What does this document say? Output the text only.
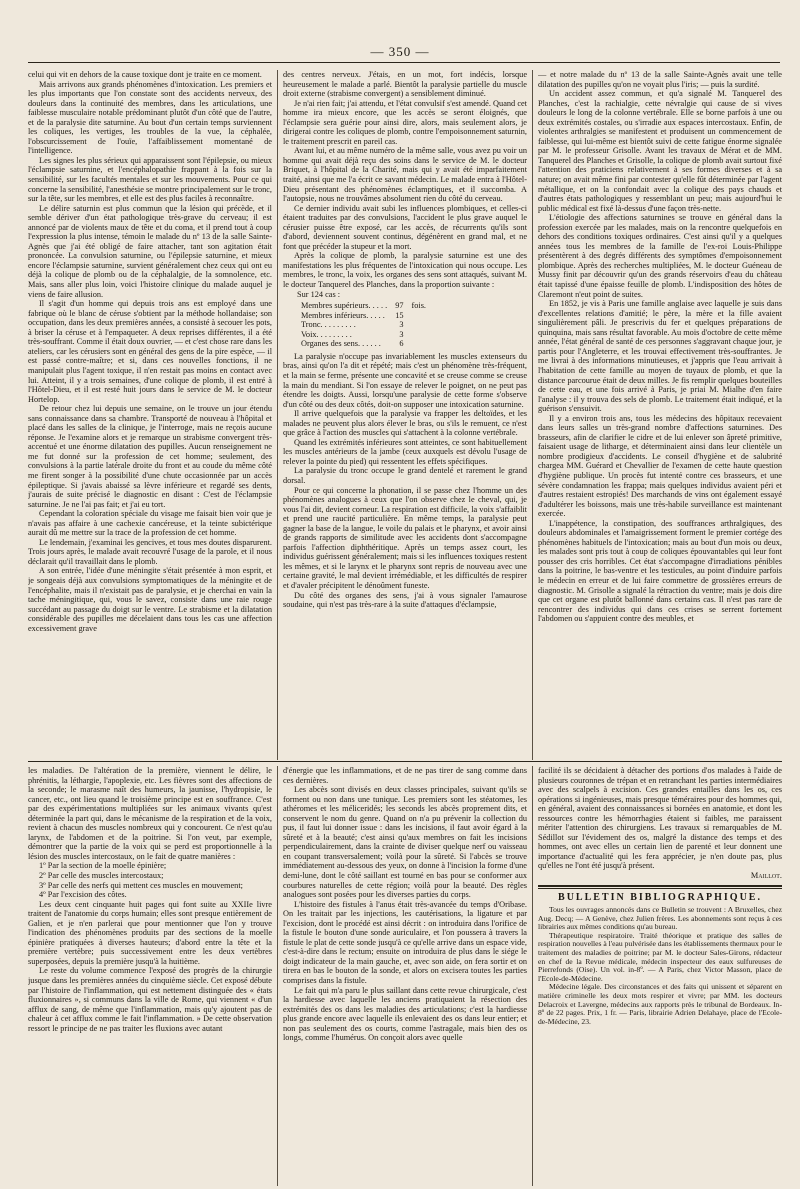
— 350 —

celui qui vit en dehors de la cause toxique dont je traite en ce moment.

Mais arrivons aux grands phénomènes d'intoxication. Les premiers et les plus importants que l'on constate sont des accidents nerveux, des douleurs dans la continuité des membres, dans les articulations, une faiblesse musculaire notable prédominant plutôt d'un côté que de l'autre, et de la paralysie dite saturnine. Au bout d'un certain temps surviennent les coliques, les vertiges, les troubles de la vue, la céphalée, l'obscurcissement de l'ouïe, l'affaiblissement momentané de l'intelligence.

Les signes les plus sérieux qui apparaissent sont l'épilepsie, ou mieux l'éclampsie saturnine, et l'encéphalopathie frappant à la fois sur la sensibilité, sur les facultés mentales et sur les mouvements. Pour ce qui concerne la sensibilité, l'anesthésie se montre principalement sur le tronc, sur la tête, sur les membres, et elle est des plus faciles à reconnaître.

Le délire saturnin est plus commun que la lésion qui précède, et il semble dériver d'un état pathologique très-grave du cerveau; il est annoncé par de violents maux de tête et du coma, et il prend tout à coup l'expression la plus intense, témoin le malade du nº 13 de la salle Sainte-Agnès que j'ai été obligé de faire attacher, tant son agitation était prononcée. La convulsion saturnine, ou l'épilepsie saturnine, et mieux encore l'éclampsie saturnine, survient généralement chez ceux qui ont eu déjà la colique de plomb ou de la céphalalgie, de la somnolence, etc. Mais, sans aller plus loin, voici l'histoire clinique du malade auquel je viens de faire allusion.

Il s'agit d'un homme qui depuis trois ans est employé dans une fabrique où le blanc de céruse s'obtient par la méthode hollandaise; son occupation, dans les deux premières années, a consisté à secouer les pots, à briser la céruse et à l'empaqueter. A deux reprises différentes, il a été très-souffrant. Comme il était doux ouvrier, — et c'est chose rare dans les ateliers, car les cérusiers sont en général des gens de la pire espèce, — il est passé contre-maître; et si, dans ces nouvelles fonctions, il ne manipulait plus l'agent toxique, il n'en restait pas moins en contact avec lui. Atteint, il y a trois semaines, d'une colique de plomb, il est entré à l'Hôtel-Dieu, et il est resté huit jours dans le service de M. le docteur Hortelop.

De retour chez lui depuis une semaine, on le trouve un jour étendu sans connaissance dans sa chambre. Transporté de nouveau à l'hôpital et placé dans les salles de la clinique, je l'interroge, mais ne reçois aucune réponse. Je l'examine alors et je remarque un strabisme convergent très-accentué et une énorme dilatation des pupilles. Aucun renseignement ne me fut donné sur la profession de cet homme; seulement, des convulsions à la partie latérale droite du front et au coude du même côté me firent songer à la possibilité d'une chute occasionnée par un accès épileptique. Si j'avais abaissé sa lèvre inférieure et regardé ses dents, j'aurais de suite précisé le diagnostic en disant : C'est de l'éclampsie saturnine. Je ne l'ai pas fait; et j'ai eu tort.

Cependant la coloration spéciale du visage me faisait bien voir que je n'avais pas affaire à une cachexie cancéreuse, et la teinte subictérique aurait dû me mettre sur la trace de la profession de cet homme.

Le lendemain, j'examinai les gencives, et tous mes doutes disparurent. Trois jours après, le malade avait recouvré l'usage de la parole, et il nous déclarait qu'il travaillait dans le plomb.

A son entrée, l'idée d'une méningite s'était présentée à mon esprit, et je songeais déjà aux convulsions symptomatiques de la méningite et de l'encéphalite, mais il n'existait pas de paralysie, et je cherchai en vain la tache méningitique, qui, vous le savez, consiste dans une raie rouge succédant au passage du doigt sur le ventre. Le strabisme et la dilatation considérable des pupilles me décelaient dans tous les cas une affection excessivement grave

des centres nerveux. J'étais, en un mot, fort indécis, lorsque heureusement le malade a parlé. Bientôt la paralysie partielle du muscle droit externe (strabisme convergent) a sensiblement diminué.

Je n'ai rien fait; j'ai attendu, et l'état convulsif s'est amendé. Quand cet homme ira mieux encore, que les accès se seront éloignés, que l'éclampsie sera guérie pour ainsi dire, alors, mais seulement alors, je dirigerai contre les coliques de plomb, contre l'empoisonnement saturnin, le traitement prescrit en pareil cas.

Avant lui, et au même numéro de la même salle, vous avez pu voir un homme qui avait déjà reçu des soins dans le service de M. le docteur Briquet, à l'hôpital de la Charité, mais qui y avait été imparfaitement traité, ainsi que me l'a écrit ce savant médecin. Le malade entra à l'Hôtel-Dieu présentant des phénomènes éclamptiques, et il succomba. A l'autopsie, nous ne trouvâmes absolument rien du côté du cerveau.

Ce dernier individu avait subi les influences plombiques, et celles-ci étaient traduites par des convulsions, l'accident le plus grave auquel le cérusier puisse être exposé, car les accès, de récurrents qu'ils sont d'abord, deviennent souvent continus, dégénèrent en grand mal, et ne font que précéder la stupeur et la mort.

Après la colique de plomb, la paralysie saturnine est une des manifestations les plus fréquentes de l'intoxication qui nous occupe. Les membres, le tronc, la voix, les organes des sens sont attaqués, suivant M. le docteur Tanquerel des Planches, dans la proportion suivante :

Sur 124 cas :
Membres supérieurs. . . . .	97	fois.
Membres inférieurs. . . . .	15	
Tronc. . . . . . . . .	3	
Voix. . . . . . . . .	3	
Organes des sens. . . . . .	6	

La paralysie n'occupe pas invariablement les muscles extenseurs du bras, ainsi qu'on l'a dit et répété; mais c'est un phénomène très-fréquent, et la main se ferme, présente une concavité et se creuse comme se creuse la main du mendiant. Si l'on essaye de relever le poignet, on ne peut pas étendre les doigts. Aussi, lorsqu'une paralysie de cette forme s'observe d'un côté ou des deux côtés, doit-on supposer une intoxication saturnine.

Il arrive quelquefois que la paralysie va frapper les deltoïdes, et les malades ne peuvent plus alors élever le bras, ou s'ils le remuent, ce n'est que grâce à l'action des muscles qui s'attachent à la colonne vertébrale.

Quand les extrémités inférieures sont atteintes, ce sont habituellement les muscles antérieurs de la jambe (ceux auxquels est dévolu l'usage de relever la pointe du pied) qui ressentent les effets spécifiques.

La paralysie du tronc occupe le grand dentelé et rarement le grand dorsal.

Pour ce qui concerne la phonation, il se passe chez l'homme un des phénomènes analogues à ceux que l'on observe chez le cheval, qui, je vous l'ai dit, devient corneur. La respiration est difficile, la voix s'affaiblit et prend une raucité particulière. En même temps, la paralysie peut gagner la base de la langue, le voile du palais et le pharynx, et avoir ainsi de grands rapports de similitude avec les accidents dont s'accompagne parfois l'affection diphthéritique. Après un temps assez court, les individus guérissent généralement; mais si les influences toxiques restent les mêmes, et si le larynx et le pharynx sont repris de nouveau avec une certaine gravité, le mal devient irrémédiable, et les difficultés de respirer et d'avaler précipitent le dénoûment funeste.

Du côté des organes des sens, j'ai à vous signaler l'amaurose soudaine, qui n'est pas très-rare à la suite d'attaques d'éclampsie,

— et notre malade du nº 13 de la salle Sainte-Agnès avait une telle dilatation des pupilles qu'on ne voyait plus l'iris; — puis la surdité.

Un accident assez commun, et qu'a signalé M. Tanquerel des Planches, c'est la rachialgie, cette névralgie qui cause de si vives douleurs le long de la colonne vertébrale. Elle se borne parfois à une ou deux extrémités costales, ou s'irradie aux espaces intercostaux. Enfin, de violentes arthralgies se manifestent et produisent un commencement de faiblesse, qui lui-même est bientôt suivi de cette fatigue énorme signalée par M. le professeur Grisolle. Avant les travaux de Mérat et de MM. Tanquerel des Planches et Grisolle, la colique de plomb avait surtout fixé l'attention des praticiens relativement à ses formes diverses et à sa nature; on avait même fini par contester qu'elle fût déterminée par l'agent métallique, et on la confondait avec la colique des pays chauds et d'autres états pathologiques y ressemblant un peu; mais aujourd'hui le public médical est fixé là-dessus d'une façon très-nette.

L'étiologie des affections saturnines se trouve en général dans la profession exercée par les malades, mais on la rencontre quelquefois en dehors des conditions toxiques ordinaires. C'est ainsi qu'il y a quelques années tous les membres de la famille de l'ex-roi Louis-Philippe présentèrent à des degrés différents des symptômes d'empoisonnement plombique. Après des recherches multipliées, M. le docteur Guéneau de Mussy finit par découvrir qu'un des grands réservoirs d'eau du château était tapissé d'une épaisse feuille de plomb. L'indisposition des hôtes de Claremont n'eut point de suites.

En 1852, je vis à Paris une famille anglaise avec laquelle je suis dans d'excellentes relations d'amitié; le père, la mère et la fille avaient singulièrement pâli. Je prescrivis du fer et quelques préparations de quinquina, mais sans résultat favorable. Au mois d'octobre de cette même année, l'état général de santé de ces personnes s'aggravant chaque jour, je partis pour l'Angleterre, et les trouvai effectivement très-souffrantes. Je me livrai à des informations minutieuses, et j'appris que l'eau arrivait à l'habitation de cette famille au moyen de tuyaux de plomb, et que la distance parcourue était de deux milles. Je fis remplir quelques bouteilles de cette eau, et une fois arrivé à Paris, je priai M. Mialhe d'en faire l'analyse : il y trouva des sels de plomb. Le traitement était indiqué, et la guérison s'ensuivit.

Il y a environ trois ans, tous les médecins des hôpitaux recevaient dans leurs salles un très-grand nombre d'affections saturnines. Des brasseurs, afin de clarifier le cidre et de lui enlever son âpreté primitive, faisaient usage de litharge, et déterminaient ainsi dans leur clientèle un nombre prodigieux d'accidents. Le conseil d'hygiène et de salubrité chargea MM. Guérard et Chevallier de l'examen de cette haute question d'hygiène publique. Un procès fut intenté contre ces brasseurs, et une sévère condamnation les frappa; mais quelques individus avaient péri et d'autres restaient estropiés! Des marchands de vins ont également essayé d'adultérer les boissons, mais une très-habile surveillance est maintenant exercée.

L'inappétence, la constipation, des souffrances arthralgiques, des douleurs abdominales et l'amaigrissement forment le premier cortége des phénomènes habituels de l'intoxication; mais au bout d'un mois ou deux, les malades sont pris tout à coup de coliques épouvantables qui leur font pousser des cris horribles. Cet état s'accompagne d'irradiations pénibles dans la poitrine, le bas-ventre et les testicules, au point d'induire parfois le médecin en erreur et de lui faire commettre de grossières erreurs de diagnostic. M. Grisolle a signalé la rétraction du ventre; mais je dois dire que cet organe est plutôt ballonné dans certains cas. Il n'est pas rare de rencontrer des individus qui dans ces crises se serrent fortement l'abdomen ou s'appuient contre des meubles, et

les maladies. De l'altération de la première, viennent le délire, le phrénitis, la léthargie, l'apoplexie, etc. Les fièvres sont des affections de la seconde; le marasme naît des humeurs, la jaunisse, l'hydropisie, le cancer, etc., ont lieu quand le troisième principe est en souffrance. C'est par des expérimentations multipliées sur les animaux vivants qu'est déterminée la part qui, dans le mécanisme de la respiration et de la voix, revient à chacun des muscles nombreux qui y concourent. Ce n'est qu'au larynx, de l'abdomen et de la poitrine. Si l'on veut, par exemple, démontrer que la partie de la voix qui se perd est proportionnelle à la lésion des muscles intercostaux, on le fait de quatre manières :

1º Par la section de la moelle épinière;

2º Par celle des muscles intercostaux;

3º Par celle des nerfs qui mettent ces muscles en mouvement;

4º Par l'excision des côtes.

Les deux cent cinquante huit pages qui font suite au XXIIe livre traitent de l'anatomie du corps humain; elles sont presque entièrement de Galien, et je n'en parlerai que pour mentionner que l'on y trouve l'indication des phénomènes produits par des sections de la moelle épinière pratiquées à diverses hauteurs; d'abord entre la tête et la première vertèbre; puis successivement entre les deux vertèbres superposées, depuis la première jusqu'à la huitième.

Le reste du volume commence l'exposé des progrès de la chirurgie jusque dans les premières années du cinquième siècle. Cet exposé débute par l'histoire de l'inflammation, qui est nettement distinguée des « états fluxionnaires », si communs dans la ville de Rome, qui viennent « d'un afflux de sang, de même que l'inflammation, mais qu'y ajoutent pas de chaleur à cet afflux comme le fait l'inflammation. » De cette observation ressort le principe de ne pas traiter les fluxions avec autant

d'énergie que les inflammations, et de ne pas tirer de sang comme dans ces dernières.

Les abcès sont divisés en deux classes principales, suivant qu'ils se forment ou non dans une tunique. Les premiers sont les stéatomes, les athéromes et les méliceridés; les seconds les abcès proprement dits, et conservent le nom du genre. Quand on n'a pu prévenir la collection du pus, il faut lui donner issue : dans les incisions, il faut avoir égard à la sûreté et à la beauté; c'est ainsi qu'aux membres on fait les incisions perpendiculairement, dans la crainte de diviser quelque nerf ou vaisseau en coupant transversalement; voilà pour la sûreté. Si l'abcès se trouve immédiatement au-dessous des yeux, on donne à l'incision la forme d'une demi-lune, dont le côté saillant est tourné en bas pour se conformer aux courbures naturelles de cette région; voilà pour la beauté. Des règles analogues sont posées pour les diverses parties du corps.

L'histoire des fistules à l'anus était très-avancée du temps d'Oribase. On les traitait par les injections, les cautérisations, la ligature et par l'excision, dont le procédé est ainsi décrit : on introduira dans l'orifice de la fistule le bouton d'une sonde auriculaire, et l'on poussera à travers la fistule le plat de cette sonde jusqu'à ce qu'elle arrive dans un espace vide, c'est-à-dire dans le rectum; ensuite on introduira de plus dans le siége le doigt indicateur de la main gauche, et, avec son aide, on fera sortir et on tirera en bas le bouton de la sonde, et alors on excisera toutes les parties comprises dans la fistule.

Le fait qui m'a paru le plus saillant dans cette revue chirurgicale, c'est la hardiesse avec laquelle les anciens pratiquaient la résection des extrémités des os dans les maladies des articulations; c'est la hardiesse plus grande encore avec laquelle ils enlevaient des os dans leur entier; et non pas seulement des os courts, comme l'astragale, mais bien des os longs, comme l'humérus. On conçoit alors avec quelle

facilité ils se décidaient à détacher des portions d'os malades à l'aide de plusieurs couronnes de trépan et en retranchant les parties intermédiaires avec des scalpels à excision. Ces grandes entailles dans les os, ces opérations si ingénieuses, mais presque téméraires pour des hommes qui, en général, avaient des connaissances si bornées en anatomie, et dont les ressources contre les hémorrhagies étaient si faibles, me paraissent mériter l'attention des chirurgiens. Les travaux si remarquables de M. Sédillot sur l'évidement des os, malgré la distance des temps et des hommes, ont avec elles un certain lien de parenté et leur donnent une importance d'actualité qui les fera apprécier, je n'en doute pas, plus qu'elles ne l'ont été jusqu'à présent.

Maillot.

BULLETIN BIBLIOGRAPHIQUE.

Tous les ouvrages annoncés dans ce Bulletin se trouvent : A Bruxelles, chez Aug. Decq; — A Genève, chez Julien frères. Les abonnements sont reçus à ces librairies aux mêmes conditions qu'au bureau.

Thérapeutique respiratoire. Traité théorique et pratique des salles de respiration nouvelles à l'eau pulvérisée dans les établissements thermaux pour le traitement des maladies de poitrine; par M. le docteur Sales-Girons, rédacteur en chef de la Revue médicale, médecin inspecteur des eaux sulfureuses de Pierrefonds (Oise). Un vol. in-8º. — A Paris, chez Victor Masson, place de l'Ecole-de-Médecine.

Médecine légale. Des circonstances et des faits qui unissent et séparent en matière criminelle les deux mots respirer et vivre; par MM. les docteurs Delacroix et Lavergne, médecins aux rapports près le tribunal de Bordeaux. In-8º de 22 pages. Prix, 1 fr. — Paris, librairie Adrien Delahaye, place de l'Ecole-de-Médecine, 23.
